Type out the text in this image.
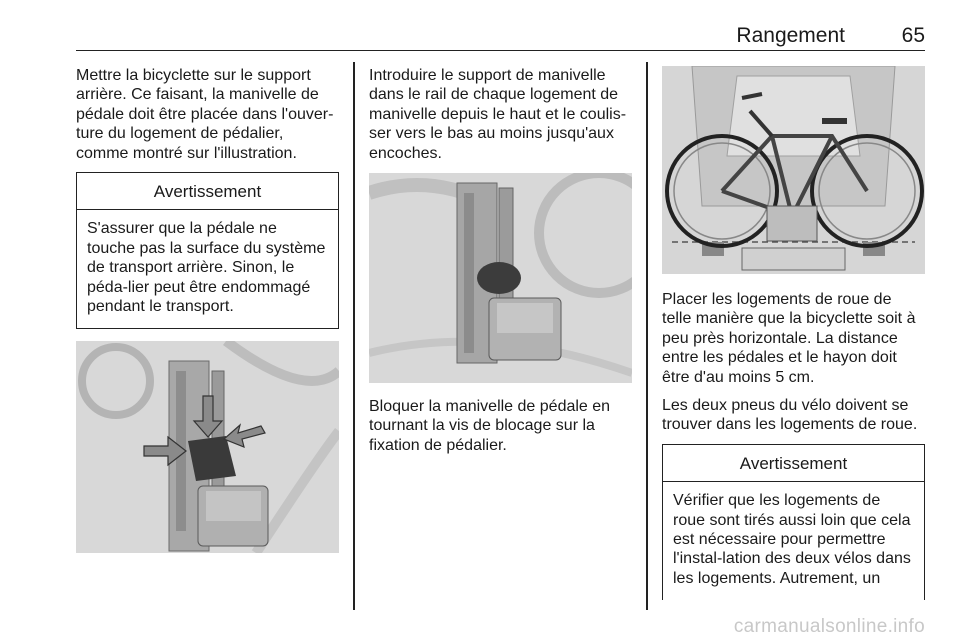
Rangement	65

Mettre la bicyclette sur le support arrière. Ce faisant, la manivelle de pédale doit être placée dans l'ouver-ture du logement de pédalier, comme montré sur l'illustration.

Avertissement
S'assurer que la pédale ne touche pas la surface du système de transport arrière. Sinon, le péda-lier peut être endommagé pendant le transport.

Introduire le support de manivelle dans le rail de chaque logement de manivelle depuis le haut et le coulis-ser vers le bas au moins jusqu'aux encoches.

Bloquer la manivelle de pédale en tournant la vis de blocage sur la fixation de pédalier.

Placer les logements de roue de telle manière que la bicyclette soit à peu près horizontale. La distance entre les pédales et le hayon doit être d'au moins 5 cm.

Les deux pneus du vélo doivent se trouver dans les logements de roue.

Avertissement
Vérifier que les logements de roue sont tirés aussi loin que cela est nécessaire pour permettre l'instal-lation des deux vélos dans les logements. Autrement, un
carmanualsonline.info
